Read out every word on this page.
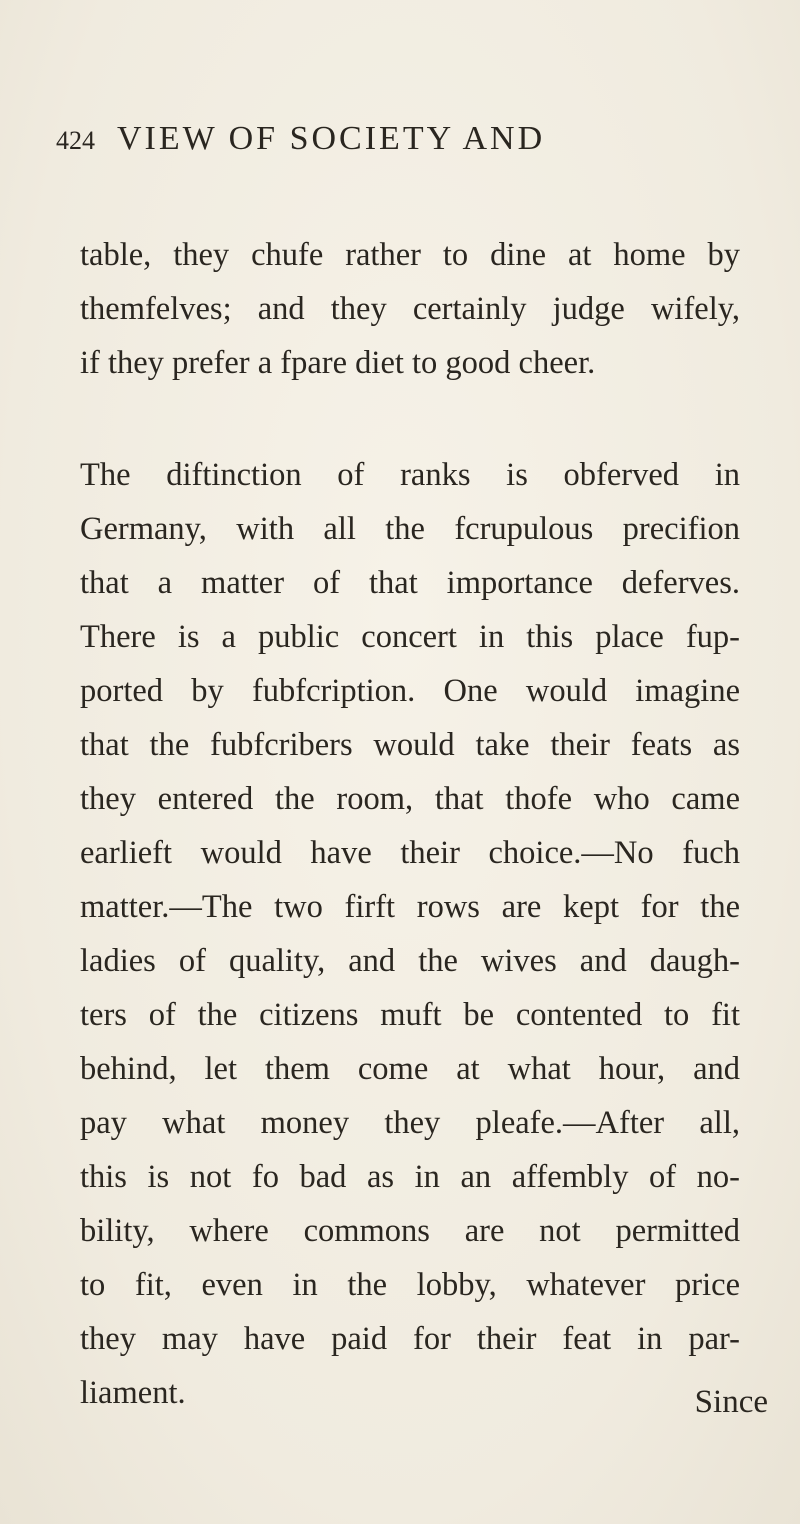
424 VIEW OF SOCIETY AND
table, they chufe rather to dine at home by
themfelves; and they certainly judge wifely,
if they prefer a fpare diet to good cheer.
The diftinction of ranks is obferved in
Germany, with all the fcrupulous precifion
that a matter of that importance deferves.
There is a public concert in this place fup-
ported by fubfcription. One would imagine
that the fubfcribers would take their feats as
they entered the room, that thofe who came
earlieft would have their choice.—No fuch
matter.—The two firft rows are kept for the
ladies of quality, and the wives and daugh-
ters of the citizens muft be contented to fit
behind, let them come at what hour, and
pay what money they pleafe.—After all,
this is not fo bad as in an affembly of no-
bility, where commons are not permitted
to fit, even in the lobby, whatever price
they may have paid for their feat in par-
liament.	Since
